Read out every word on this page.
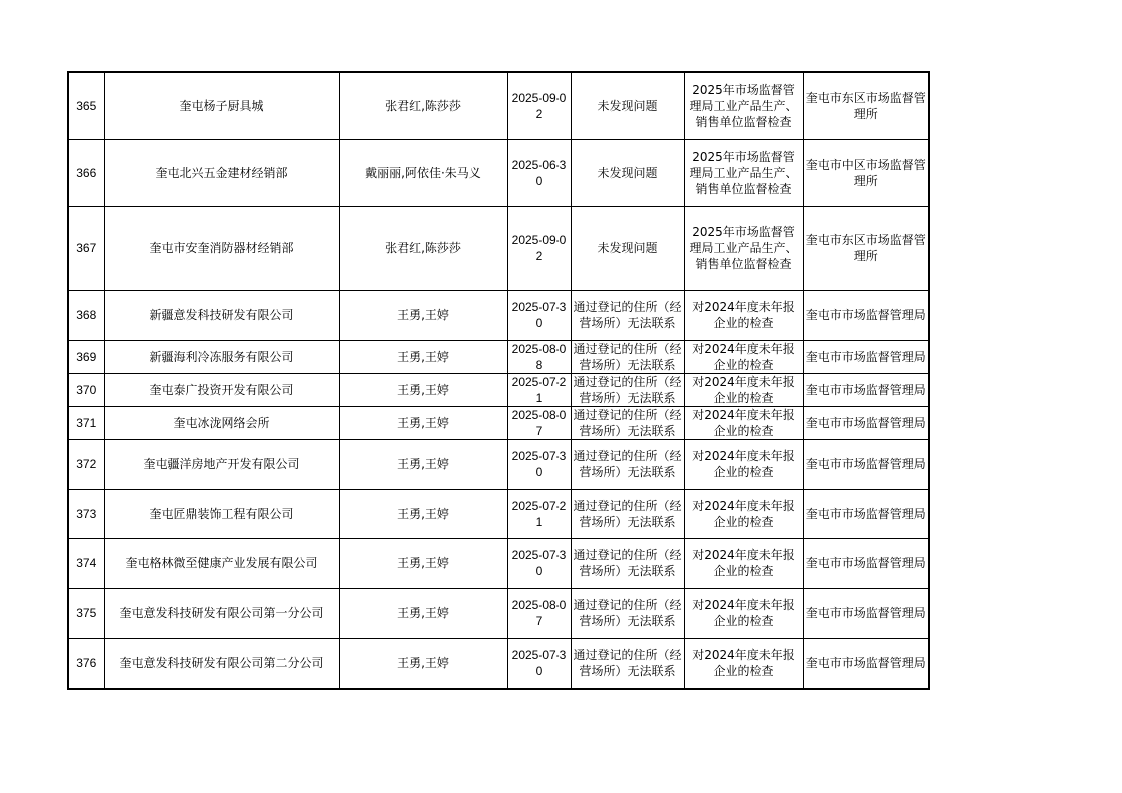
365	奎屯杨子厨具城	张君红,陈莎莎	2025-09-02	未发现问题	2025年市场监督管理局工业产品生产、销售单位监督检查	奎屯市东区市场监督管理所
366	奎屯北兴五金建材经销部	戴丽丽,阿依佳·朱马义	2025-06-30	未发现问题	2025年市场监督管理局工业产品生产、销售单位监督检查	奎屯市中区市场监督管理所
367	奎屯市安奎消防器材经销部	张君红,陈莎莎	2025-09-02	未发现问题	2025年市场监督管理局工业产品生产、销售单位监督检查	奎屯市东区市场监督管理所
368	新疆意发科技研发有限公司	王勇,王婷	2025-07-30	通过登记的住所（经营场所）无法联系	对2024年度未年报企业的检查	奎屯市市场监督管理局
369	新疆海利冷冻服务有限公司	王勇,王婷	2025-08-08	通过登记的住所（经营场所）无法联系	对2024年度未年报企业的检查	奎屯市市场监督管理局
370	奎屯泰广投资开发有限公司	王勇,王婷	2025-07-21	通过登记的住所（经营场所）无法联系	对2024年度未年报企业的检查	奎屯市市场监督管理局
371	奎屯冰泷网络会所	王勇,王婷	2025-08-07	通过登记的住所（经营场所）无法联系	对2024年度未年报企业的检查	奎屯市市场监督管理局
372	奎屯疆洋房地产开发有限公司	王勇,王婷	2025-07-30	通过登记的住所（经营场所）无法联系	对2024年度未年报企业的检查	奎屯市市场监督管理局
373	奎屯匠鼎装饰工程有限公司	王勇,王婷	2025-07-21	通过登记的住所（经营场所）无法联系	对2024年度未年报企业的检查	奎屯市市场监督管理局
374	奎屯格林微至健康产业发展有限公司	王勇,王婷	2025-07-30	通过登记的住所（经营场所）无法联系	对2024年度未年报企业的检查	奎屯市市场监督管理局
375	奎屯意发科技研发有限公司第一分公司	王勇,王婷	2025-08-07	通过登记的住所（经营场所）无法联系	对2024年度未年报企业的检查	奎屯市市场监督管理局
376	奎屯意发科技研发有限公司第二分公司	王勇,王婷	2025-07-30	通过登记的住所（经营场所）无法联系	对2024年度未年报企业的检查	奎屯市市场监督管理局
